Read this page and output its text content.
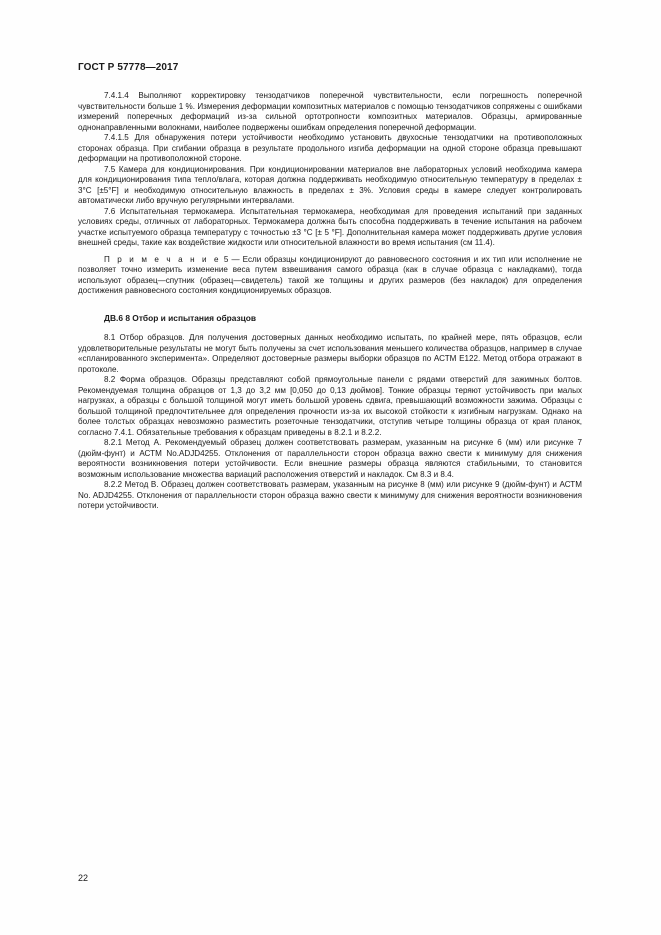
ГОСТ Р 57778—2017

7.4.1.4 Выполняют корректировку тензодатчиков поперечной чувствительности, если погрешность поперечной чувствительности больше 1 %. Измерения деформации композитных материалов с помощью тензодатчиков сопряжены с ошибками измерений поперечных деформаций из-за сильной ортотропности композитных материалов. Образцы, армированные однонаправленными волокнами, наиболее подвержены ошибкам определения поперечной деформации.

7.4.1.5 Для обнаружения потери устойчивости необходимо установить двухосные тензодатчики на противоположных сторонах образца. При сгибании образца в результате продольного изгиба деформации на одной стороне образца превышают деформации на противоположной стороне.

7.5 Камера для кондиционирования. При кондиционировании материалов вне лабораторных условий необходима камера для кондиционирования типа тепло/влага, которая должна поддерживать необходимую относительную температуру в пределах ± 3°С [±5°F] и необходимую относительную влажность в пределах ± 3%. Условия среды в камере следует контролировать автоматически либо вручную регулярными интервалами.

7.6 Испытательная термокамера. Испытательная термокамера, необходимая для проведения испытаний при заданных условиях среды, отличных от лабораторных. Термокамера должна быть способна поддерживать в течение испытания на рабочем участке испытуемого образца температуру с точностью ±3 °С [± 5 °F]. Дополнительная камера может поддерживать другие условия внешней среды, такие как воздействие жидкости или относительной влажности во время испытания (см 11.4).

П р и м е ч а н и е 5 — Если образцы кондиционируют до равновесного состояния и их тип или исполнение не позволяет точно измерить изменение веса путем взвешивания самого образца (как в случае образца с накладками), тогда используют образец—спутник (образец—свидетель) такой же толщины и других размеров (без накладок) для определения достижения равновесного состояния кондиционируемых образцов.

ДВ.6 8 Отбор и испытания образцов

8.1 Отбор образцов. Для получения достоверных данных необходимо испытать, по крайней мере, пять образцов, если удовлетворительные результаты не могут быть получены за счет использования меньшего количества образцов, например в случае «спланированного эксперимента». Определяют достоверные размеры выборки образцов по АСТМ Е122. Метод отбора отражают в протоколе.

8.2 Форма образцов. Образцы представляют собой прямоугольные панели с рядами отверстий для зажимных болтов. Рекомендуемая толщина образцов от 1,3 до 3,2 мм [0,050 до 0,13 дюймов]. Тонкие образцы теряют устойчивость при малых нагрузках, а образцы с большой толщиной могут иметь большой уровень сдвига, превышающий возможности зажима. Образцы с большой толщиной предпочтительнее для определения прочности из-за их высокой стойкости к изгибным нагрузкам. Однако на более толстых образцах невозможно разместить розеточные тензодатчики, отступив четыре толщины образца от края планок, согласно 7.4.1. Обязательные требования к образцам приведены в 8.2.1 и 8.2.2.

8.2.1 Метод А. Рекомендуемый образец должен соответствовать размерам, указанным на рисунке 6 (мм) или рисунке 7 (дюйм-фунт) и АСТМ No.ADJD4255. Отклонения от параллельности сторон образца важно свести к минимуму для снижения вероятности возникновения потери устойчивости. Если внешние размеры образца являются стабильными, то становится возможным использование множества вариаций расположения отверстий и накладок. См 8.3 и 8.4.

8.2.2 Метод В. Образец должен соответствовать размерам, указанным на рисунке 8 (мм) или рисунке 9 (дюйм-фунт) и АСТМ No. ADJD4255. Отклонения от параллельности сторон образца важно свести к минимуму для снижения вероятности возникновения потери устойчивости.

22
